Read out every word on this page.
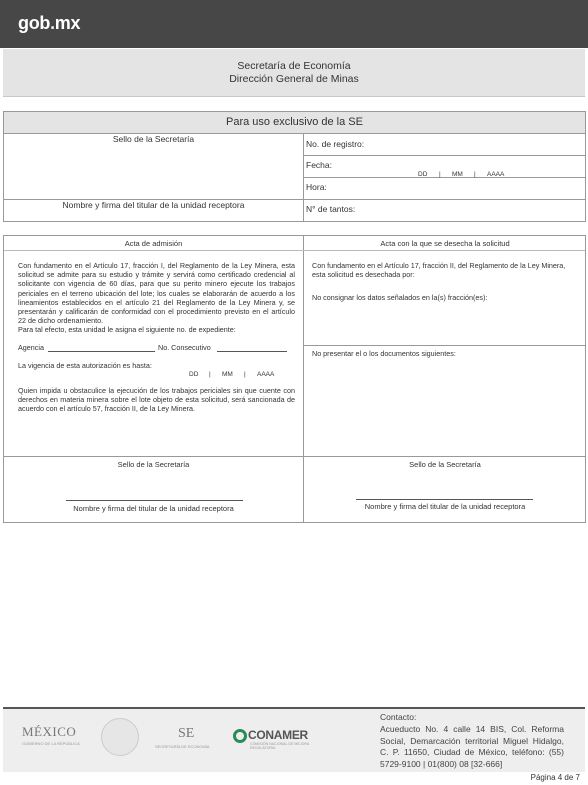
gob.mx
Secretaría de Economía
Dirección General de Minas
Para uso exclusivo de la SE
Sello de la Secretaría
Nombre y firma del titular de la unidad receptora
No. de registro:
Fecha:
DD | MM | AAAA
Hora:
N° de tantos:
Acta de admisión
Con fundamento en el Artículo 17, fracción I, del Reglamento de la Ley Minera, esta solicitud se admite para su estudio y trámite y servirá como certificado credencial al solicitante con vigencia de 60 días, para que su perito minero ejecute los trabajos periciales en el terreno ubicación del lote; los cuales se elaborarán de acuerdo a los lineamientos establecidos en el artículo 21 del Reglamento de la Ley Minera y, se presentarán y calificarán de conformidad con el procedimiento previsto en el artículo 22 de dicho ordenamiento.
Para tal efecto, esta unidad le asigna el siguiente no. de expediente:
Agencia	No. Consecutivo
La vigencia de esta autorización es hasta:
DD | MM | AAAA
Quien impida u obstaculice la ejecución de los trabajos periciales sin que cuente con derechos en materia minera sobre el lote objeto de esta solicitud, será sancionada de acuerdo con el artículo 57, fracción II, de la Ley Minera.
Sello de la Secretaría
Nombre y firma del titular de la unidad receptora
Acta con la que se desecha la solicitud
Con fundamento en el Artículo 17, fracción II, del Reglamento de la Ley Minera, esta solicitud es desechada por:
No consignar los datos señalados en la(s) fracción(es):
No presentar el o los documentos siguientes:
Sello de la Secretaría
Nombre y firma del titular de la unidad receptora
MÉXICO
GOBIERNO DE LA REPÚBLICA
SE
SECRETARÍA DE ECONOMÍA
CONAMER
COMISIÓN NACIONAL DE MEJORA REGULATORIA
Contacto:
Acueducto No. 4 calle 14 BIS, Col. Reforma Social, Demarcación territorial Miguel Hidalgo, C. P. 11650, Ciudad de México, teléfono: (55) 5729-9100 | 01(800) 08 [32-666]
Página 4 de 7
